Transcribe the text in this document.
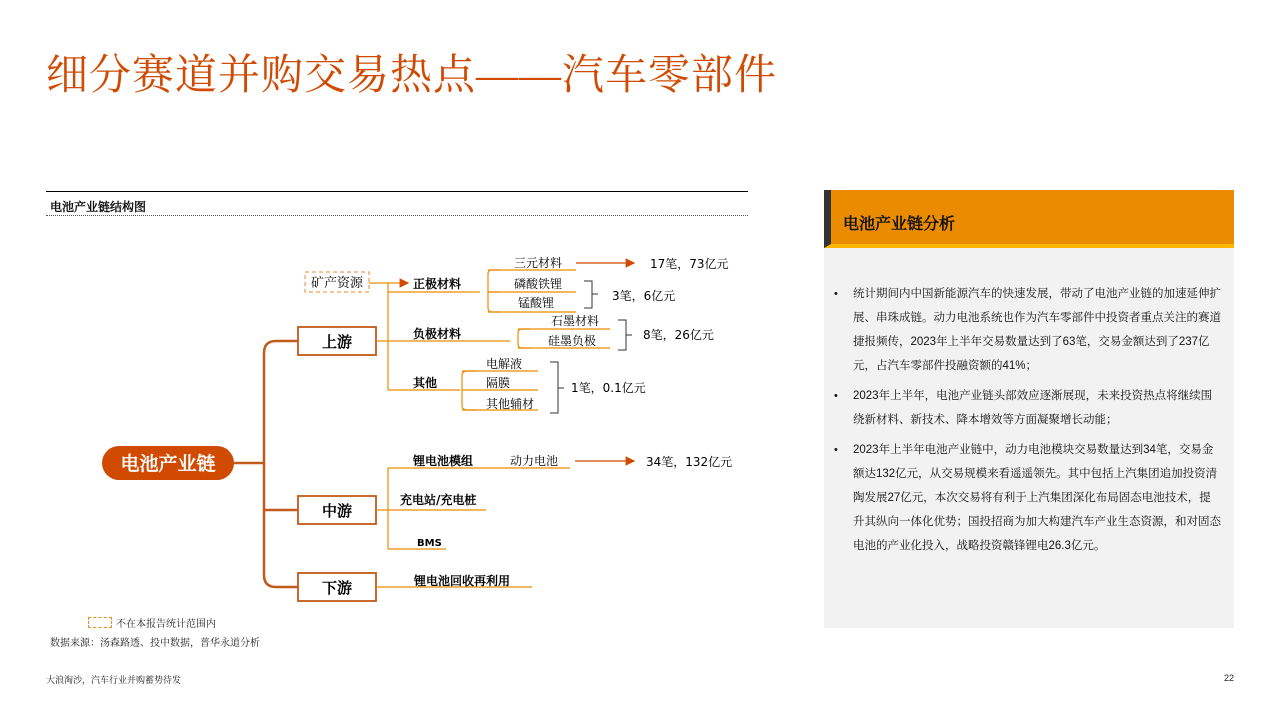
细分赛道并购交易热点——汽车零部件
电池产业链结构图
电池产业链
上游
中游
下游
矿产资源	正极材料
三元材料
磷酸铁锂
锰酸锂
17笔，73亿元
3笔，6亿元
负极材料
石墨材料
硅墨负极	8笔，26亿元
其他
电解液
隔膜
其他辅材
1笔，0.1亿元
锂电池模组	动力电池	34笔，132亿元
充电站/充电桩
BMS
锂电池回收再利用
不在本报告统计范围内
数据来源：汤森路透、投中数据，普华永道分析
电池产业链分析
• 统计期间内中国新能源汽车的快速发展，带动了电池产业链的加速延伸扩展、串珠成链。动力电池系统也作为汽车零部件中投资者重点关注的赛道捷报频传，2023年上半年交易数量达到了63笔，交易金额达到了237亿元，占汽车零部件投融资额的41%；
• 2023年上半年，电池产业链头部效应逐渐展现，未来投资热点将继续围绕新材料、新技术、降本增效等方面凝聚增长动能；
• 2023年上半年电池产业链中，动力电池模块交易数量达到34笔，交易金额达132亿元，从交易规模来看遥遥领先。其中包括上汽集团追加投资清陶发展27亿元，本次交易将有利于上汽集团深化布局固态电池技术，提升其纵向一体化优势；国投招商为加大构建汽车产业生态资源，和对固态电池的产业化投入，战略投资赣锋锂电26.3亿元。
大浪淘沙，汽车行业并购蓄势待发	22
